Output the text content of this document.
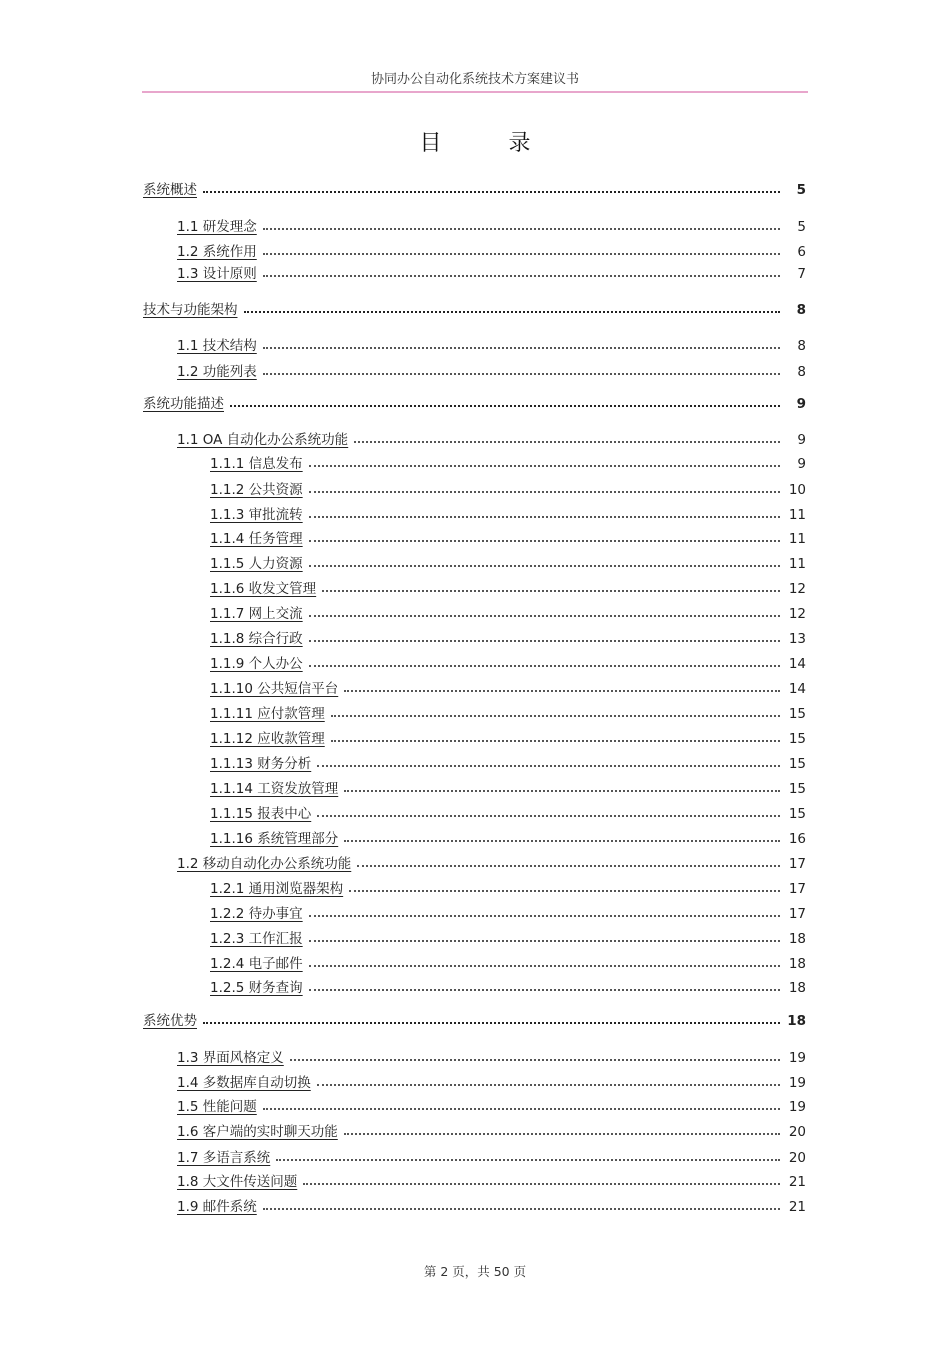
协同办公自动化系统技术方案建议书
目 录
系统概述	5
1.1 研发理念	5
1.2 系统作用	6
1.3 设计原则	7
技术与功能架构	8
1.1 技术结构	8
1.2 功能列表	8
系统功能描述	9
1.1 OA 自动化办公系统功能	9
1.1.1 信息发布	9
1.1.2 公共资源	10
1.1.3 审批流转	11
1.1.4 任务管理	11
1.1.5 人力资源	11
1.1.6 收发文管理	12
1.1.7 网上交流	12
1.1.8 综合行政	13
1.1.9 个人办公	14
1.1.10 公共短信平台	14
1.1.11 应付款管理	15
1.1.12 应收款管理	15
1.1.13 财务分析	15
1.1.14 工资发放管理	15
1.1.15 报表中心	15
1.1.16 系统管理部分	16
1.2 移动自动化办公系统功能	17
1.2.1 通用浏览器架构	17
1.2.2 待办事宜	17
1.2.3 工作汇报	18
1.2.4 电子邮件	18
1.2.5 财务查询	18
系统优势	18
1.3 界面风格定义	19
1.4 多数据库自动切换	19
1.5 性能问题	19
1.6 客户端的实时聊天功能	20
1.7 多语言系统	20
1.8 大文件传送问题	21
1.9 邮件系统	21
第 2 页，共 50 页
